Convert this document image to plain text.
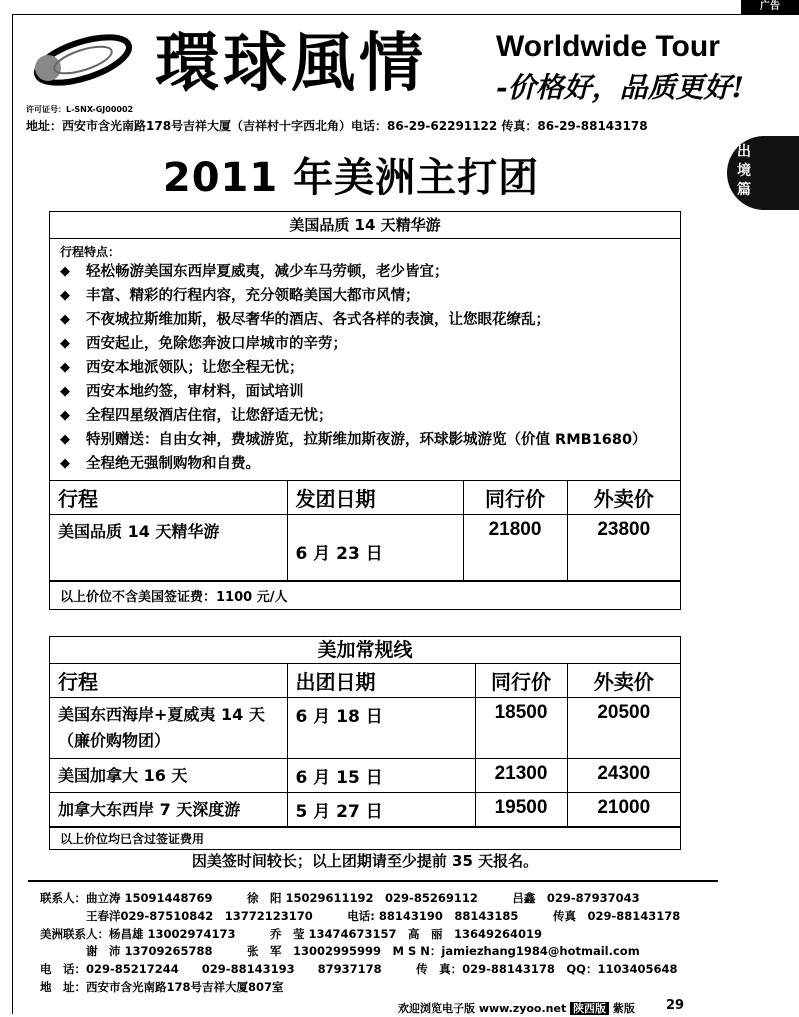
广告
環球風情 Worldwide Tour
-价格好，品质更好!
许可证号：L-SNX-GJ00002
地址：西安市含光南路178号吉祥大厦（吉祥村十字西北角）电话：86-29-62291122 传真：86-29-88143178
出境篇
2011 年美洲主打团
美国品质 14 天精华游
行程特点：
◆	轻松畅游美国东西岸夏威夷，减少车马劳顿，老少皆宜；
◆	丰富、精彩的行程内容，充分领略美国大都市风情；
◆	不夜城拉斯维加斯，极尽奢华的酒店、各式各样的表演，让您眼花缭乱；
◆	西安起止，免除您奔波口岸城市的辛劳；
◆	西安本地派领队；让您全程无忧；
◆	西安本地约签，审材料，面试培训
◆	全程四星级酒店住宿，让您舒适无忧；
◆	特别赠送：自由女神，费城游览，拉斯维加斯夜游，环球影城游览（价值 RMB1680）
◆	全程绝无强制购物和自费。
行程	发团日期	同行价	外卖价
美国品质 14 天精华游	6 月 23 日	21800	23800
以上价位不含美国签证费：1100 元/人
美加常规线
行程	出团日期	同行价	外卖价
美国东西海岸+夏威夷 14 天（廉价购物团）	6 月 18 日	18500	20500
美国加拿大 16 天	6 月 15 日	21300	24300
加拿大东西岸 7 天深度游	5 月 27 日	19500	21000
以上价位均已含过签证费用
因美签时间较长；以上团期请至少提前 35 天报名。
联系人：曲立涛 15091448769　　　徐　阳 15029611192　029-85269112　　　吕鑫　029-87937043
　　　　王春洋029-87510842　13772123170　　　电话: 88143190　88143185　　　传真　029-88143178
美洲联系人：杨昌雄 13002974173　　　乔　莹 13474673157　高　丽　13649264019
　　　　谢　沛 13709265788　　　张　军　13002995999　M S N：jamiezhang1984@hotmail.com
电　话：029-85217244　　029-88143193　　87937178　　　传　真：029-88143178　QQ：1103405648
地　址：西安市含光南路178号吉祥大厦807室
欢迎浏览电子版 www.zyoo.net 陕西版 紫版 29
